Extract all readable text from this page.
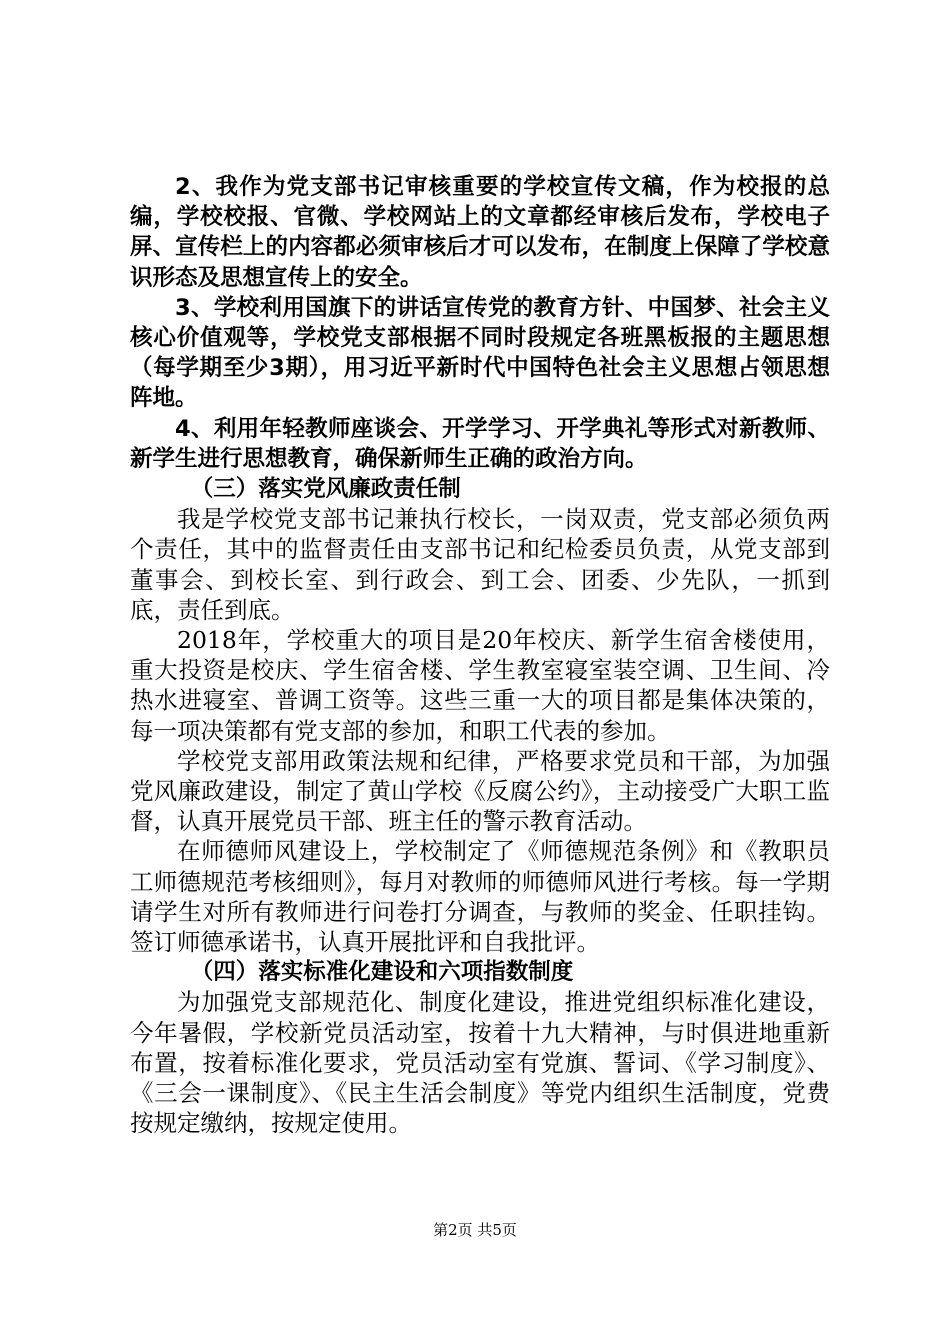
2、我作为党支部书记审核重要的学校宣传文稿，作为校报的总编，学校校报、官微、学校网站上的文章都经审核后发布，学校电子屏、宣传栏上的内容都必须审核后才可以发布，在制度上保障了学校意识形态及思想宣传上的安全。

3、学校利用国旗下的讲话宣传党的教育方针、中国梦、社会主义核心价值观等，学校党支部根据不同时段规定各班黑板报的主题思想（每学期至少3期），用习近平新时代中国特色社会主义思想占领思想阵地。

4、利用年轻教师座谈会、开学学习、开学典礼等形式对新教师、新学生进行思想教育，确保新师生正确的政治方向。

（三）落实党风廉政责任制

我是学校党支部书记兼执行校长，一岗双责，党支部必须负两个责任，其中的监督责任由支部书记和纪检委员负责，从党支部到董事会、到校长室、到行政会、到工会、团委、少先队，一抓到底，责任到底。

2018年，学校重大的项目是20年校庆、新学生宿舍楼使用，重大投资是校庆、学生宿舍楼、学生教室寝室装空调、卫生间、冷热水进寝室、普调工资等。这些三重一大的项目都是集体决策的，每一项决策都有党支部的参加，和职工代表的参加。

学校党支部用政策法规和纪律，严格要求党员和干部，为加强党风廉政建设，制定了黄山学校《反腐公约》，主动接受广大职工监督，认真开展党员干部、班主任的警示教育活动。

在师德师风建设上，学校制定了《师德规范条例》和《教职员工师德规范考核细则》，每月对教师的师德师风进行考核。每一学期请学生对所有教师进行问卷打分调查，与教师的奖金、任职挂钩。签订师德承诺书，认真开展批评和自我批评。

（四）落实标准化建设和六项指数制度

为加强党支部规范化、制度化建设，推进党组织标准化建设，今年暑假，学校新党员活动室，按着十九大精神，与时俱进地重新布置，按着标准化要求，党员活动室有党旗、誓词、《学习制度》、《三会一课制度》、《民主生活会制度》等党内组织生活制度，党费按规定缴纳，按规定使用。

第2页 共5页
